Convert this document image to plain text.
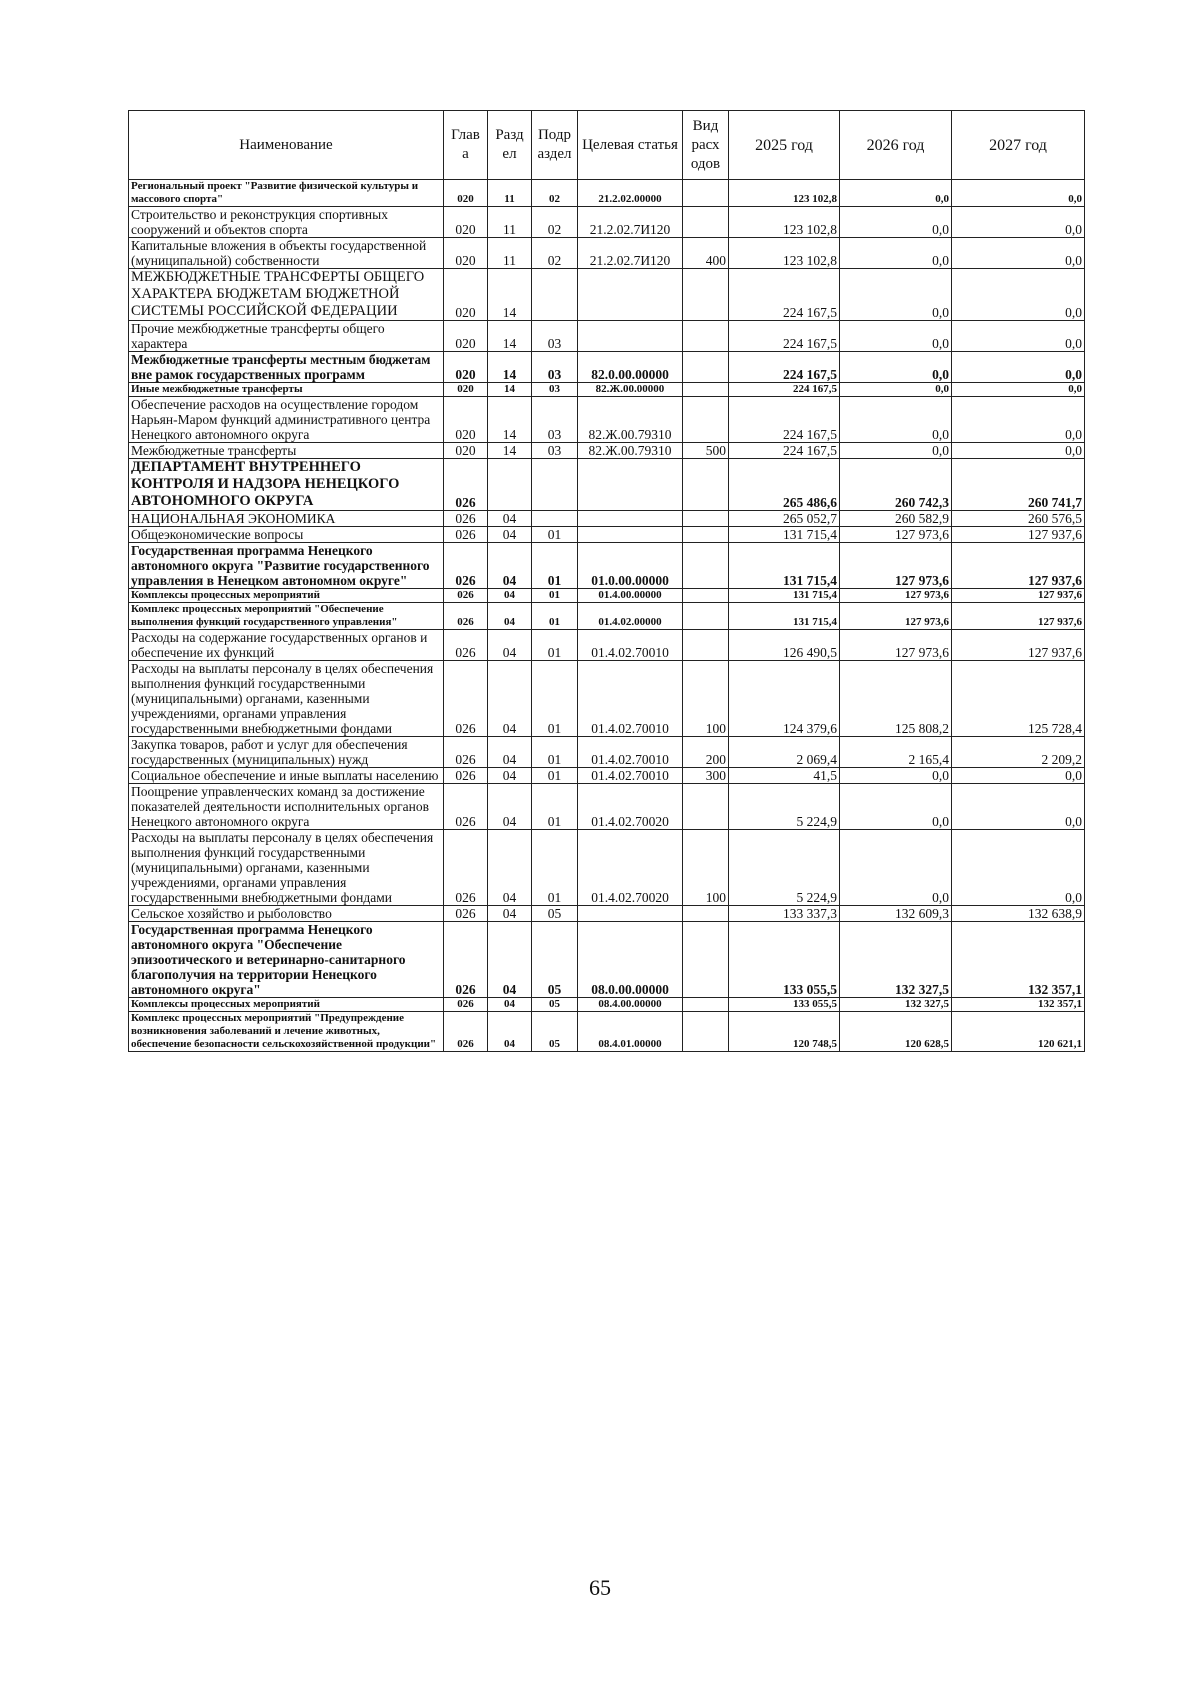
Наименование	Глав а	Разд ел	Подр аздел	Целевая статья	Вид расх одов	2025 год	2026 год	2027 год
Региональный проект "Развитие физической культуры и массового спорта"	020	11	02	21.2.02.00000		123 102,8	0,0	0,0
Строительство и реконструкция спортивных сооружений и объектов спорта	020	11	02	21.2.02.7И120		123 102,8	0,0	0,0
Капитальные вложения в объекты государственной (муниципальной) собственности	020	11	02	21.2.02.7И120	400	123 102,8	0,0	0,0
МЕЖБЮДЖЕТНЫЕ ТРАНСФЕРТЫ ОБЩЕГО ХАРАКТЕРА БЮДЖЕТАМ БЮДЖЕТНОЙ СИСТЕМЫ РОССИЙСКОЙ ФЕДЕРАЦИИ	020	14				224 167,5	0,0	0,0
Прочие межбюджетные трансферты общего характера	020	14	03			224 167,5	0,0	0,0
Межбюджетные трансферты местным бюджетам вне рамок государственных программ	020	14	03	82.0.00.00000		224 167,5	0,0	0,0
Иные межбюджетные трансферты	020	14	03	82.Ж.00.00000		224 167,5	0,0	0,0
Обеспечение расходов на осуществление городом Нарьян-Маром функций административного центра Ненецкого автономного округа	020	14	03	82.Ж.00.79310		224 167,5	0,0	0,0
Межбюджетные трансферты	020	14	03	82.Ж.00.79310	500	224 167,5	0,0	0,0
ДЕПАРТАМЕНТ ВНУТРЕННЕГО КОНТРОЛЯ И НАДЗОРА НЕНЕЦКОГО АВТОНОМНОГО ОКРУГА	026					265 486,6	260 742,3	260 741,7
НАЦИОНАЛЬНАЯ ЭКОНОМИКА	026	04				265 052,7	260 582,9	260 576,5
Общеэкономические вопросы	026	04	01			131 715,4	127 973,6	127 937,6
Государственная программа Ненецкого автономного округа "Развитие государственного управления в Ненецком автономном округе"	026	04	01	01.0.00.00000		131 715,4	127 973,6	127 937,6
Комплексы процессных мероприятий	026	04	01	01.4.00.00000		131 715,4	127 973,6	127 937,6
Комплекс процессных мероприятий "Обеспечение выполнения функций государственного управления"	026	04	01	01.4.02.00000		131 715,4	127 973,6	127 937,6
Расходы на содержание государственных органов и обеспечение их функций	026	04	01	01.4.02.70010		126 490,5	127 973,6	127 937,6
Расходы на выплаты персоналу в целях обеспечения выполнения функций государственными (муниципальными) органами, казенными учреждениями, органами управления государственными внебюджетными фондами	026	04	01	01.4.02.70010	100	124 379,6	125 808,2	125 728,4
Закупка товаров, работ и услуг для обеспечения государственных (муниципальных) нужд	026	04	01	01.4.02.70010	200	2 069,4	2 165,4	2 209,2
Социальное обеспечение и иные выплаты населению	026	04	01	01.4.02.70010	300	41,5	0,0	0,0
Поощрение управленческих команд за достижение показателей деятельности исполнительных органов Ненецкого автономного округа	026	04	01	01.4.02.70020		5 224,9	0,0	0,0
Расходы на выплаты персоналу в целях обеспечения выполнения функций государственными (муниципальными) органами, казенными учреждениями, органами управления государственными внебюджетными фондами	026	04	01	01.4.02.70020	100	5 224,9	0,0	0,0
Сельское хозяйство и рыболовство	026	04	05			133 337,3	132 609,3	132 638,9
Государственная программа Ненецкого автономного округа "Обеспечение эпизоотического и ветеринарно-санитарного благополучия на территории Ненецкого автономного округа"	026	04	05	08.0.00.00000		133 055,5	132 327,5	132 357,1
Комплексы процессных мероприятий	026	04	05	08.4.00.00000		133 055,5	132 327,5	132 357,1
Комплекс процессных мероприятий "Предупреждение возникновения заболеваний и лечение животных, обеспечение безопасности сельскохозяйственной продукции"	026	04	05	08.4.01.00000		120 748,5	120 628,5	120 621,1
65
